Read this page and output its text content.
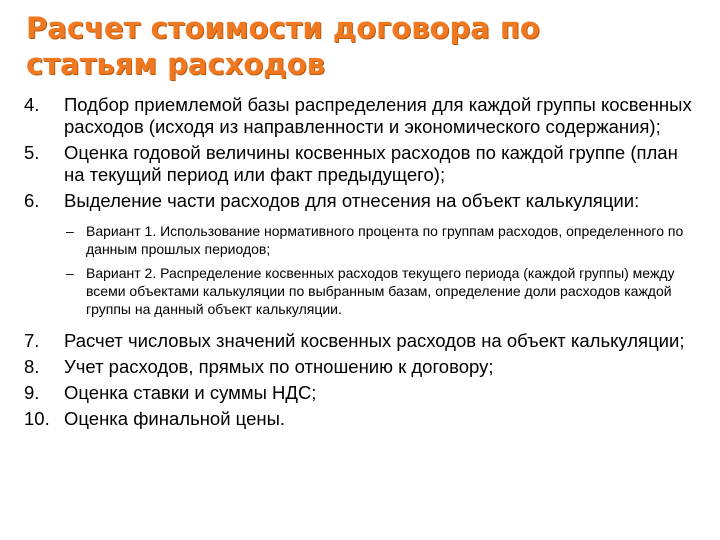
Расчет стоимости договора по статьям расходов
4.	Подбор приемлемой базы распределения для каждой группы косвенных расходов (исходя из направленности и экономического содержания);
5.	Оценка годовой величины косвенных расходов по каждой группе (план на текущий период или факт предыдущего);
6.	Выделение части расходов для отнесения на объект калькуляции:
– Вариант 1. Использование нормативного процента по группам расходов, определенного по данным прошлых периодов;
– Вариант 2. Распределение косвенных расходов текущего периода (каждой группы) между всеми объектами калькуляции по выбранным базам, определение доли расходов каждой группы на данный объект калькуляции.
7.	Расчет числовых значений косвенных расходов на объект калькуляции;
8.	Учет расходов, прямых по отношению к договору;
9.	Оценка ставки и суммы НДС;
10. Оценка финальной цены.
